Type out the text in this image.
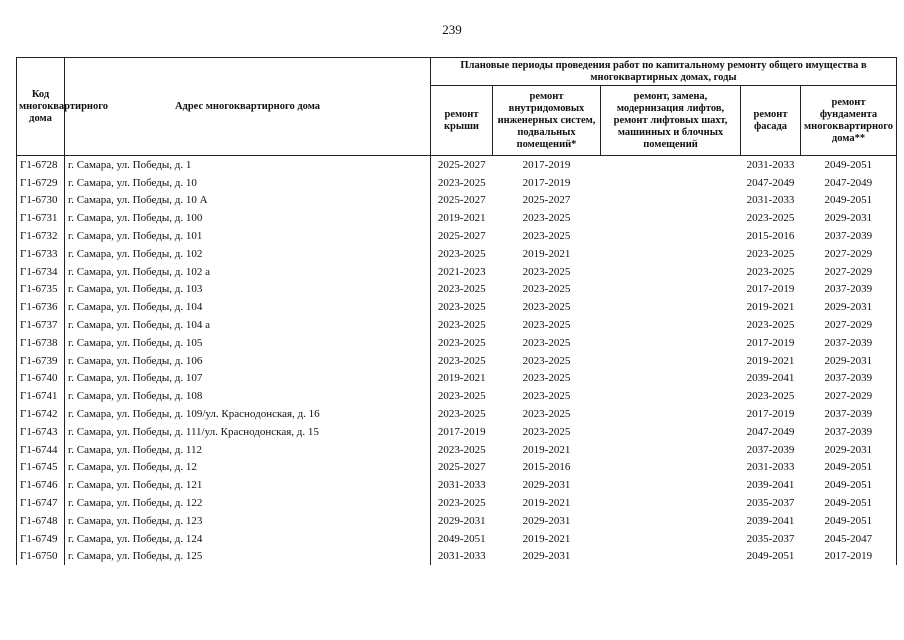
239
Код многоквартирного дома	Адрес многоквартирного дома	Плановые периоды проведения работ по капитальному ремонту общего имущества в многоквартирных домах, годы				
		ремонт крыши	ремонт внутридомовых инженерных систем, подвальных помещений*	ремонт, замена, модернизация лифтов, ремонт лифтовых шахт, машинных и блочных помещений	ремонт фасада	ремонт фундамента многоквартирного дома**
Г1-6728	г. Самара, ул. Победы, д. 1	2025-2027	2017-2019		2031-2033	2049-2051
Г1-6729	г. Самара, ул. Победы, д. 10	2023-2025	2017-2019		2047-2049	2047-2049
Г1-6730	г. Самара, ул. Победы, д. 10 А	2025-2027	2025-2027		2031-2033	2049-2051
Г1-6731	г. Самара, ул. Победы, д. 100	2019-2021	2023-2025		2023-2025	2029-2031
Г1-6732	г. Самара, ул. Победы, д. 101	2025-2027	2023-2025		2015-2016	2037-2039
Г1-6733	г. Самара, ул. Победы, д. 102	2023-2025	2019-2021		2023-2025	2027-2029
Г1-6734	г. Самара, ул. Победы, д. 102 а	2021-2023	2023-2025		2023-2025	2027-2029
Г1-6735	г. Самара, ул. Победы, д. 103	2023-2025	2023-2025		2017-2019	2037-2039
Г1-6736	г. Самара, ул. Победы, д. 104	2023-2025	2023-2025		2019-2021	2029-2031
Г1-6737	г. Самара, ул. Победы, д. 104 а	2023-2025	2023-2025		2023-2025	2027-2029
Г1-6738	г. Самара, ул. Победы, д. 105	2023-2025	2023-2025		2017-2019	2037-2039
Г1-6739	г. Самара, ул. Победы, д. 106	2023-2025	2023-2025		2019-2021	2029-2031
Г1-6740	г. Самара, ул. Победы, д. 107	2019-2021	2023-2025		2039-2041	2037-2039
Г1-6741	г. Самара, ул. Победы, д. 108	2023-2025	2023-2025		2023-2025	2027-2029
Г1-6742	г. Самара, ул. Победы, д. 109/ул. Краснодонская, д. 16	2023-2025	2023-2025		2017-2019	2037-2039
Г1-6743	г. Самара, ул. Победы, д. 111/ул. Краснодонская, д. 15	2017-2019	2023-2025		2047-2049	2037-2039
Г1-6744	г. Самара, ул. Победы, д. 112	2023-2025	2019-2021		2037-2039	2029-2031
Г1-6745	г. Самара, ул. Победы, д. 12	2025-2027	2015-2016		2031-2033	2049-2051
Г1-6746	г. Самара, ул. Победы, д. 121	2031-2033	2029-2031		2039-2041	2049-2051
Г1-6747	г. Самара, ул. Победы, д. 122	2023-2025	2019-2021		2035-2037	2049-2051
Г1-6748	г. Самара, ул. Победы, д. 123	2029-2031	2029-2031		2039-2041	2049-2051
Г1-6749	г. Самара, ул. Победы, д. 124	2049-2051	2019-2021		2035-2037	2045-2047
Г1-6750	г. Самара, ул. Победы, д. 125	2031-2033	2029-2031		2049-2051	2017-2019
